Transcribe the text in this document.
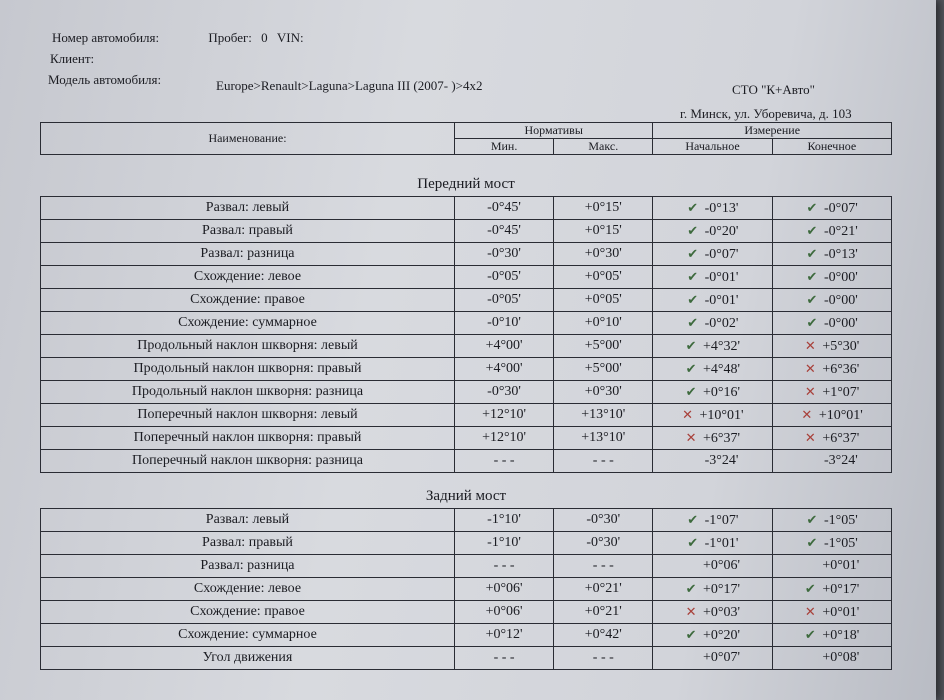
Номер автомобиля:	Пробег: 0 VIN:
Клиент:
Модель автомобиля:	Europe>Renault>Laguna>Laguna III (2007- )>4x2	СТО "К+Авто"
г. Минск, ул. Уборевича, д. 103
Наименование:	Нормативы		Измерение	
	Мин.	Макс.	Начальное	Конечное
Передний мост
Развал: левый	-0°45'	+0°15'	✔ -0°13'	✔ -0°07'
Развал: правый	-0°45'	+0°15'	✔ -0°20'	✔ -0°21'
Развал: разница	-0°30'	+0°30'	✔ -0°07'	✔ -0°13'
Схождение: левое	-0°05'	+0°05'	✔ -0°01'	✔ -0°00'
Схождение: правое	-0°05'	+0°05'	✔ -0°01'	✔ -0°00'
Схождение: суммарное	-0°10'	+0°10'	✔ -0°02'	✔ -0°00'
Продольный наклон шкворня: левый	+4°00'	+5°00'	✔ +4°32'	✕ +5°30'
Продольный наклон шкворня: правый	+4°00'	+5°00'	✔ +4°48'	✕ +6°36'
Продольный наклон шкворня: разница	-0°30'	+0°30'	✔ +0°16'	✕ +1°07'
Поперечный наклон шкворня: левый	+12°10'	+13°10'	✕ +10°01'	✕ +10°01'
Поперечный наклон шкворня: правый	+12°10'	+13°10'	✕ +6°37'	✕ +6°37'
Поперечный наклон шкворня: разница	- - -	- - -	-3°24'	-3°24'
Задний мост
Развал: левый	-1°10'	-0°30'	✔ -1°07'	✔ -1°05'
Развал: правый	-1°10'	-0°30'	✔ -1°01'	✔ -1°05'
Развал: разница	- - -	- - -	+0°06'	+0°01'
Схождение: левое	+0°06'	+0°21'	✔ +0°17'	✔ +0°17'
Схождение: правое	+0°06'	+0°21'	✕ +0°03'	✕ +0°01'
Схождение: суммарное	+0°12'	+0°42'	✔ +0°20'	✔ +0°18'
Угол движения	- - -	- - -	+0°07'	+0°08'
